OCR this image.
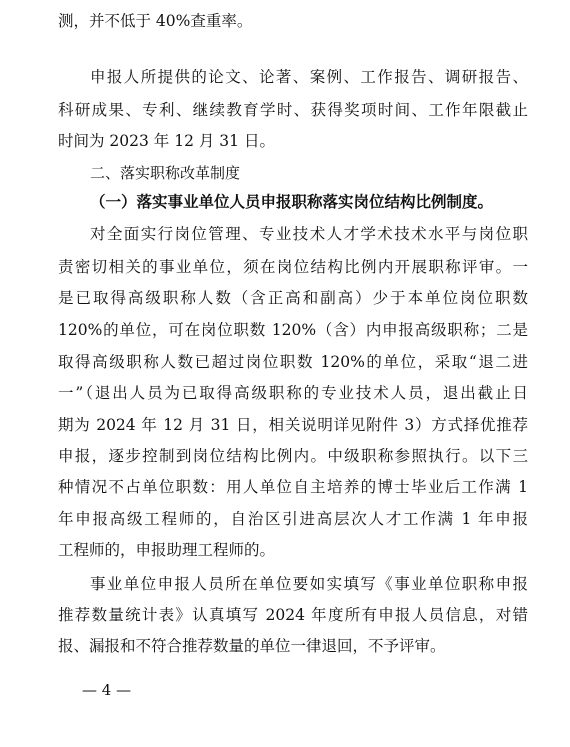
测，并不低于 40%查重率。
申报人所提供的论文、论著、案例、工作报告、调研报告、
科研成果、专利、继续教育学时、获得奖项时间、工作年限截止
时间为 2023 年 12 月 31 日。
二、落实职称改革制度
（一）落实事业单位人员申报职称落实岗位结构比例制度。
对全面实行岗位管理、专业技术人才学术技术水平与岗位职
责密切相关的事业单位，须在岗位结构比例内开展职称评审。一
是已取得高级职称人数（含正高和副高）少于本单位岗位职数
120%的单位，可在岗位职数 120%（含）内申报高级职称；二是
取得高级职称人数已超过岗位职数 120%的单位，采取“退二进
一”（退出人员为已取得高级职称的专业技术人员，退出截止日
期为 2024 年 12 月 31 日，相关说明详见附件 3）方式择优推荐
申报，逐步控制到岗位结构比例内。中级职称参照执行。以下三
种情况不占单位职数：用人单位自主培养的博士毕业后工作满 1
年申报高级工程师的，自治区引进高层次人才工作满 1 年申报
工程师的，申报助理工程师的。
事业单位申报人员所在单位要如实填写《事业单位职称申报
推荐数量统计表》认真填写 2024 年度所有申报人员信息，对错
报、漏报和不符合推荐数量的单位一律退回，不予评审。
— 4 —
